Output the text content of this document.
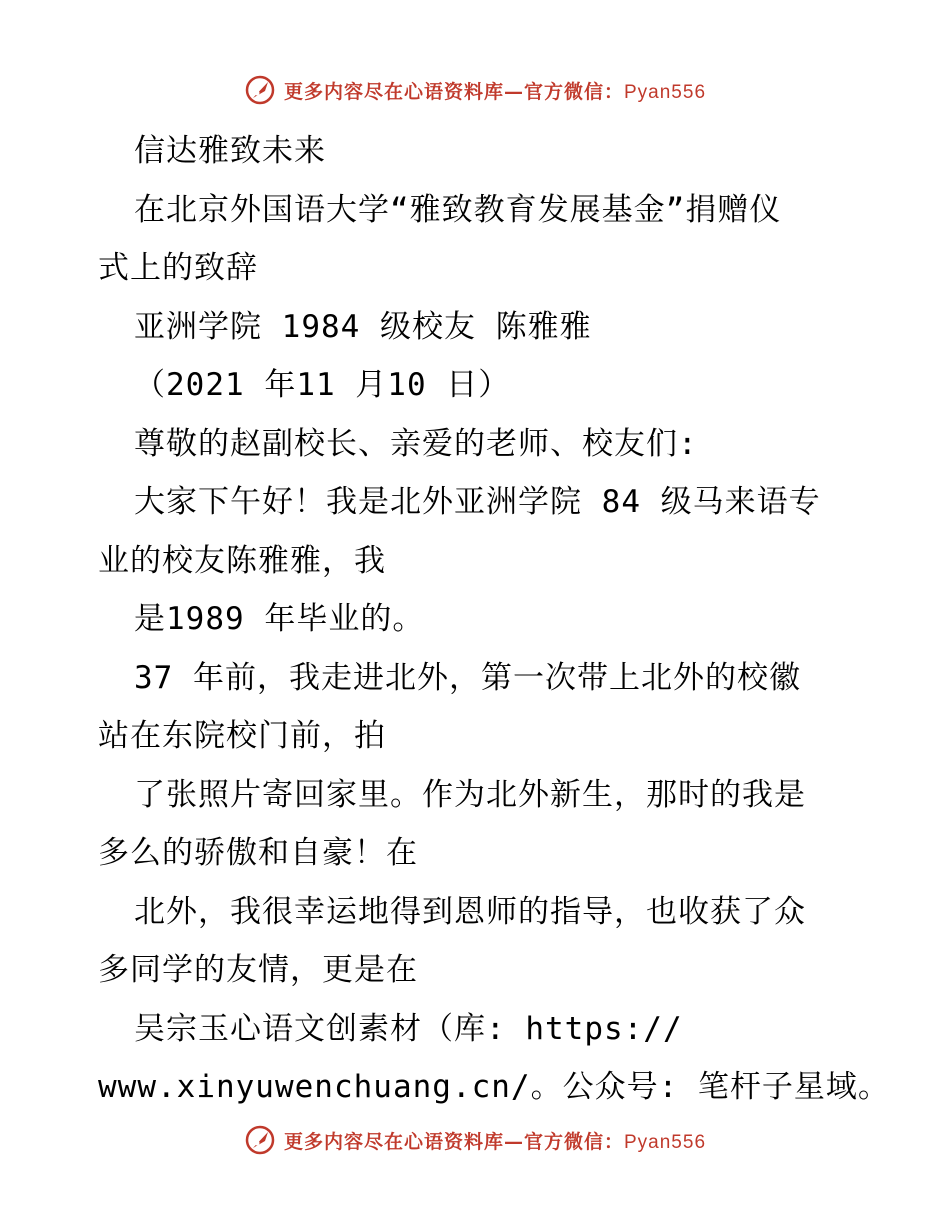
更多内容尽在心语资料库—官方微信：Pyan556
信达雅致未来
在北京外国语大学“雅致教育发展基金”捐赠仪
式上的致辞
亚洲学院 1984 级校友 陈雅雅
（2021 年11 月10 日）
尊敬的赵副校长、亲爱的老师、校友们:
大家下午好！我是北外亚洲学院 84 级马来语专
业的校友陈雅雅，我
是1989 年毕业的。
37 年前，我走进北外，第一次带上北外的校徽
站在东院校门前，拍
了张照片寄回家里。作为北外新生，那时的我是
多么的骄傲和自豪！在
北外，我很幸运地得到恩师的指导，也收获了众
多同学的友情，更是在
吴宗玉心语文创素材（库: https://
www.xinyuwenchuang.cn/。公众号: 笔杆子星域。
更多内容尽在心语资料库—官方微信：Pyan556
